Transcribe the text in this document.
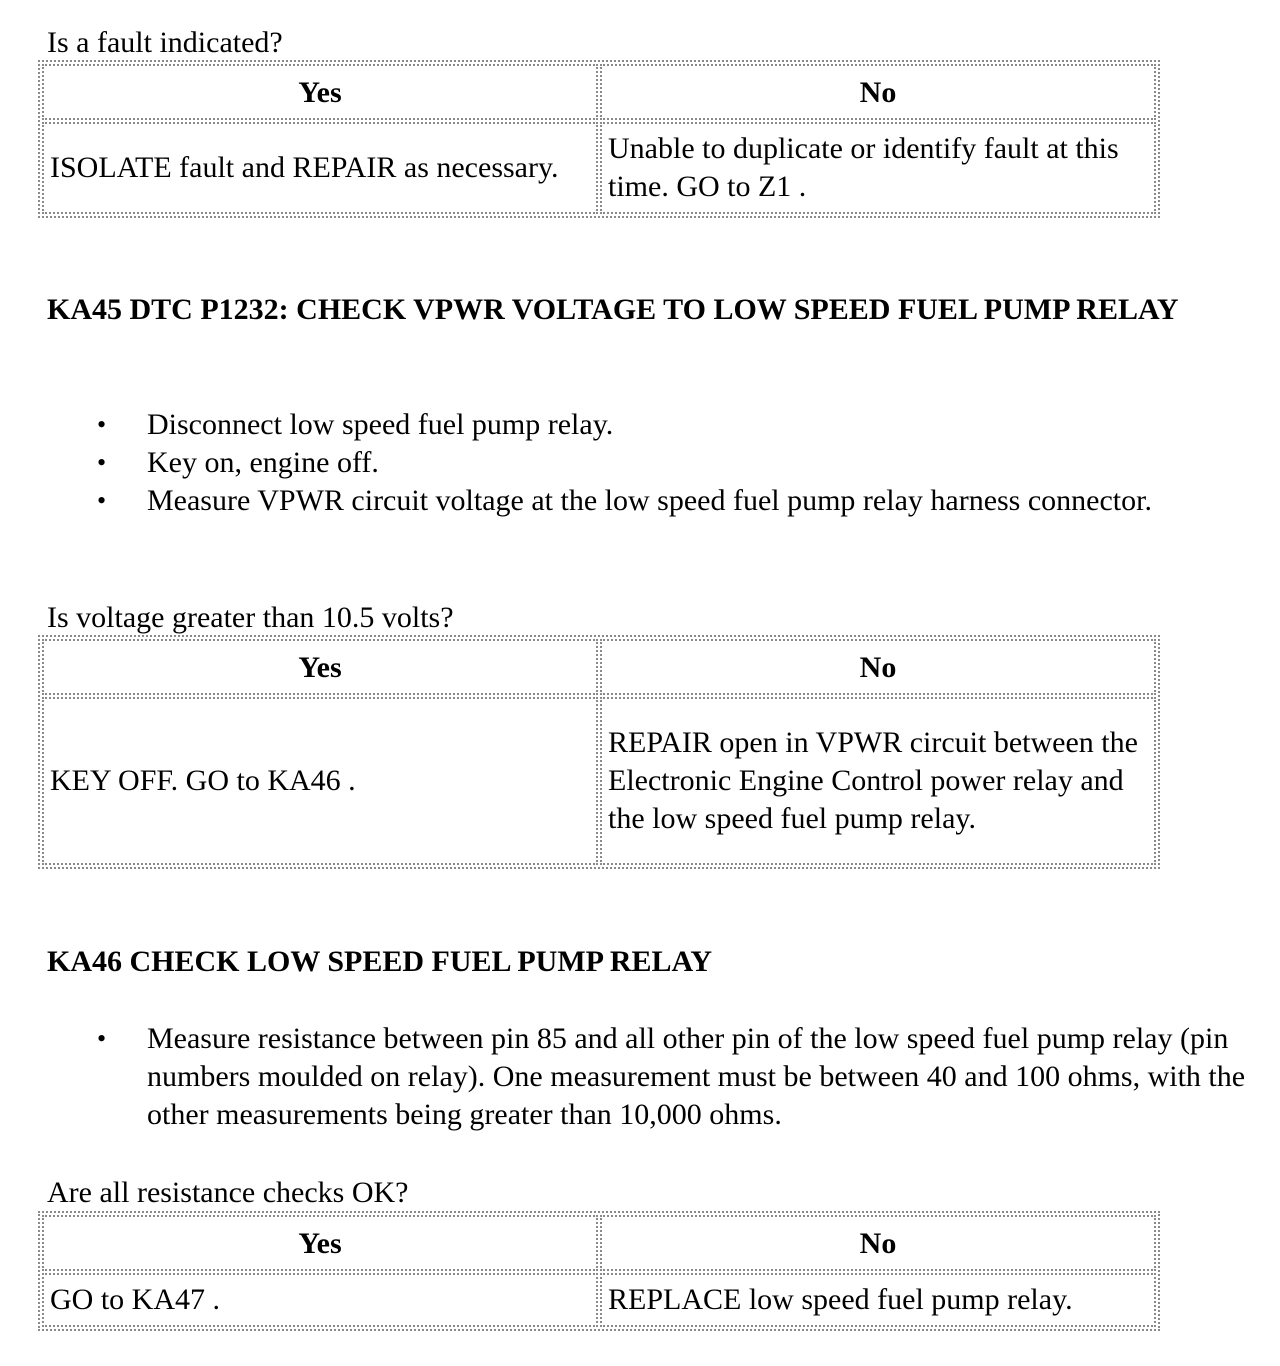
Is a fault indicated?

Yes	No
ISOLATE fault and REPAIR as necessary.	Unable to duplicate or identify fault at this time. GO to Z1 .
KA45 DTC P1232: CHECK VPWR VOLTAGE TO LOW SPEED FUEL PUMP RELAY
• Disconnect low speed fuel pump relay.
• Key on, engine off.
• Measure VPWR circuit voltage at the low speed fuel pump relay harness connector.

Is voltage greater than 10.5 volts?

Yes	No
KEY OFF. GO to KA46 .	REPAIR open in VPWR circuit between the Electronic Engine Control power relay and the low speed fuel pump relay.
KA46 CHECK LOW SPEED FUEL PUMP RELAY
• Measure resistance between pin 85 and all other pin of the low speed fuel pump relay (pin numbers moulded on relay). One measurement must be between 40 and 100 ohms, with the other measurements being greater than 10,000 ohms.

Are all resistance checks OK?

Yes	No
GO to KA47 .	REPLACE low speed fuel pump relay.
